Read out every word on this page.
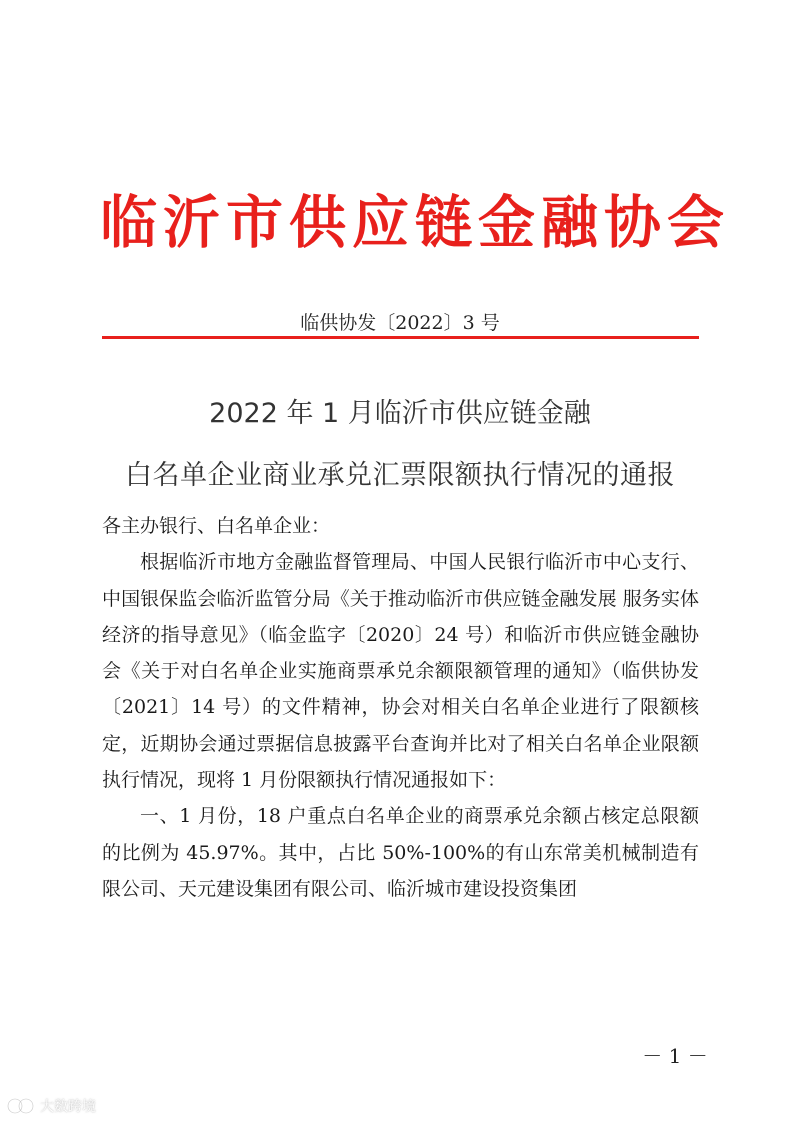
临沂市供应链金融协会
临供协发〔2022〕3 号
2022 年 1 月临沂市供应链金融
白名单企业商业承兑汇票限额执行情况的通报

各主办银行、白名单企业：

根据临沂市地方金融监督管理局、中国人民银行临沂市中心支行、中国银保监会临沂监管分局《关于推动临沂市供应链金融发展 服务实体经济的指导意见》（临金监字〔2020〕24 号）和临沂市供应链金融协会《关于对白名单企业实施商票承兑余额限额管理的通知》（临供协发〔2021〕14 号）的文件精神，协会对相关白名单企业进行了限额核定，近期协会通过票据信息披露平台查询并比对了相关白名单企业限额执行情况，现将 1 月份限额执行情况通报如下：

一、1 月份，18 户重点白名单企业的商票承兑余额占核定总限额的比例为 45.97%。其中，占比 50%-100%的有山东常美机械制造有限公司、天元建设集团有限公司、临沂城市建设投资集团

－ 1 －
大数跨境
